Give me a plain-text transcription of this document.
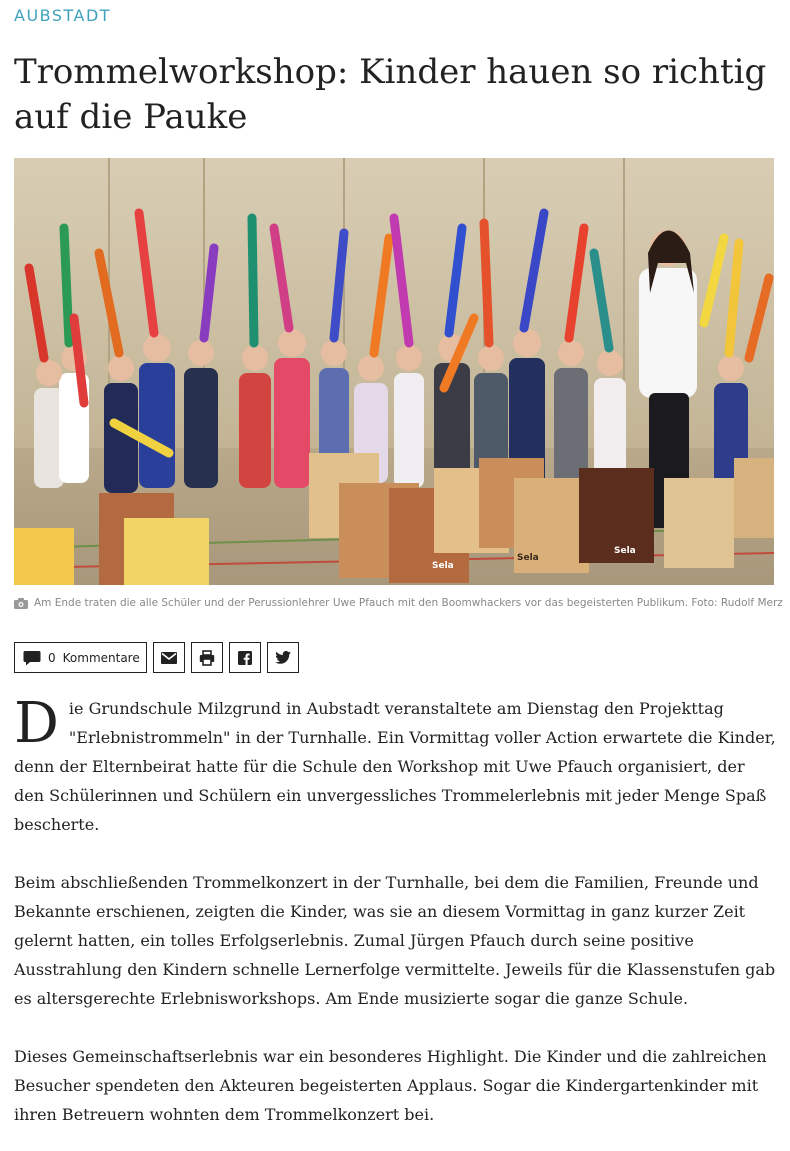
AUBSTADT
Trommelworkshop: Kinder hauen so richtig auf die Pauke
Sela
Sela
Sela
Am Ende traten die alle Schüler und der Perussionlehrer Uwe Pfauch mit den Boomwhackers vor das begeisterten Publikum. Foto: Rudolf Merz
0 Kommentare

Die Grundschule Milzgrund in Aubstadt veranstaltete am Dienstag den Projekttag "Erlebnistrommeln" in der Turnhalle. Ein Vormittag voller Action erwartete die Kinder, denn der Elternbeirat hatte für die Schule den Workshop mit Uwe Pfauch organisiert, der den Schülerinnen und Schülern ein unvergessliches Trommelerlebnis mit jeder Menge Spaß bescherte.

Beim abschließenden Trommelkonzert in der Turnhalle, bei dem die Familien, Freunde und Bekannte erschienen, zeigten die Kinder, was sie an diesem Vormittag in ganz kurzer Zeit gelernt hatten, ein tolles Erfolgserlebnis. Zumal Jürgen Pfauch durch seine positive Ausstrahlung den Kindern schnelle Lernerfolge vermittelte. Jeweils für die Klassenstufen gab es altersgerechte Erlebnisworkshops. Am Ende musizierte sogar die ganze Schule.

Dieses Gemeinschaftserlebnis war ein besonderes Highlight. Die Kinder und die zahlreichen Besucher spendeten den Akteuren begeisterten Applaus. Sogar die Kindergartenkinder mit ihren Betreuern wohnten dem Trommelkonzert bei.
